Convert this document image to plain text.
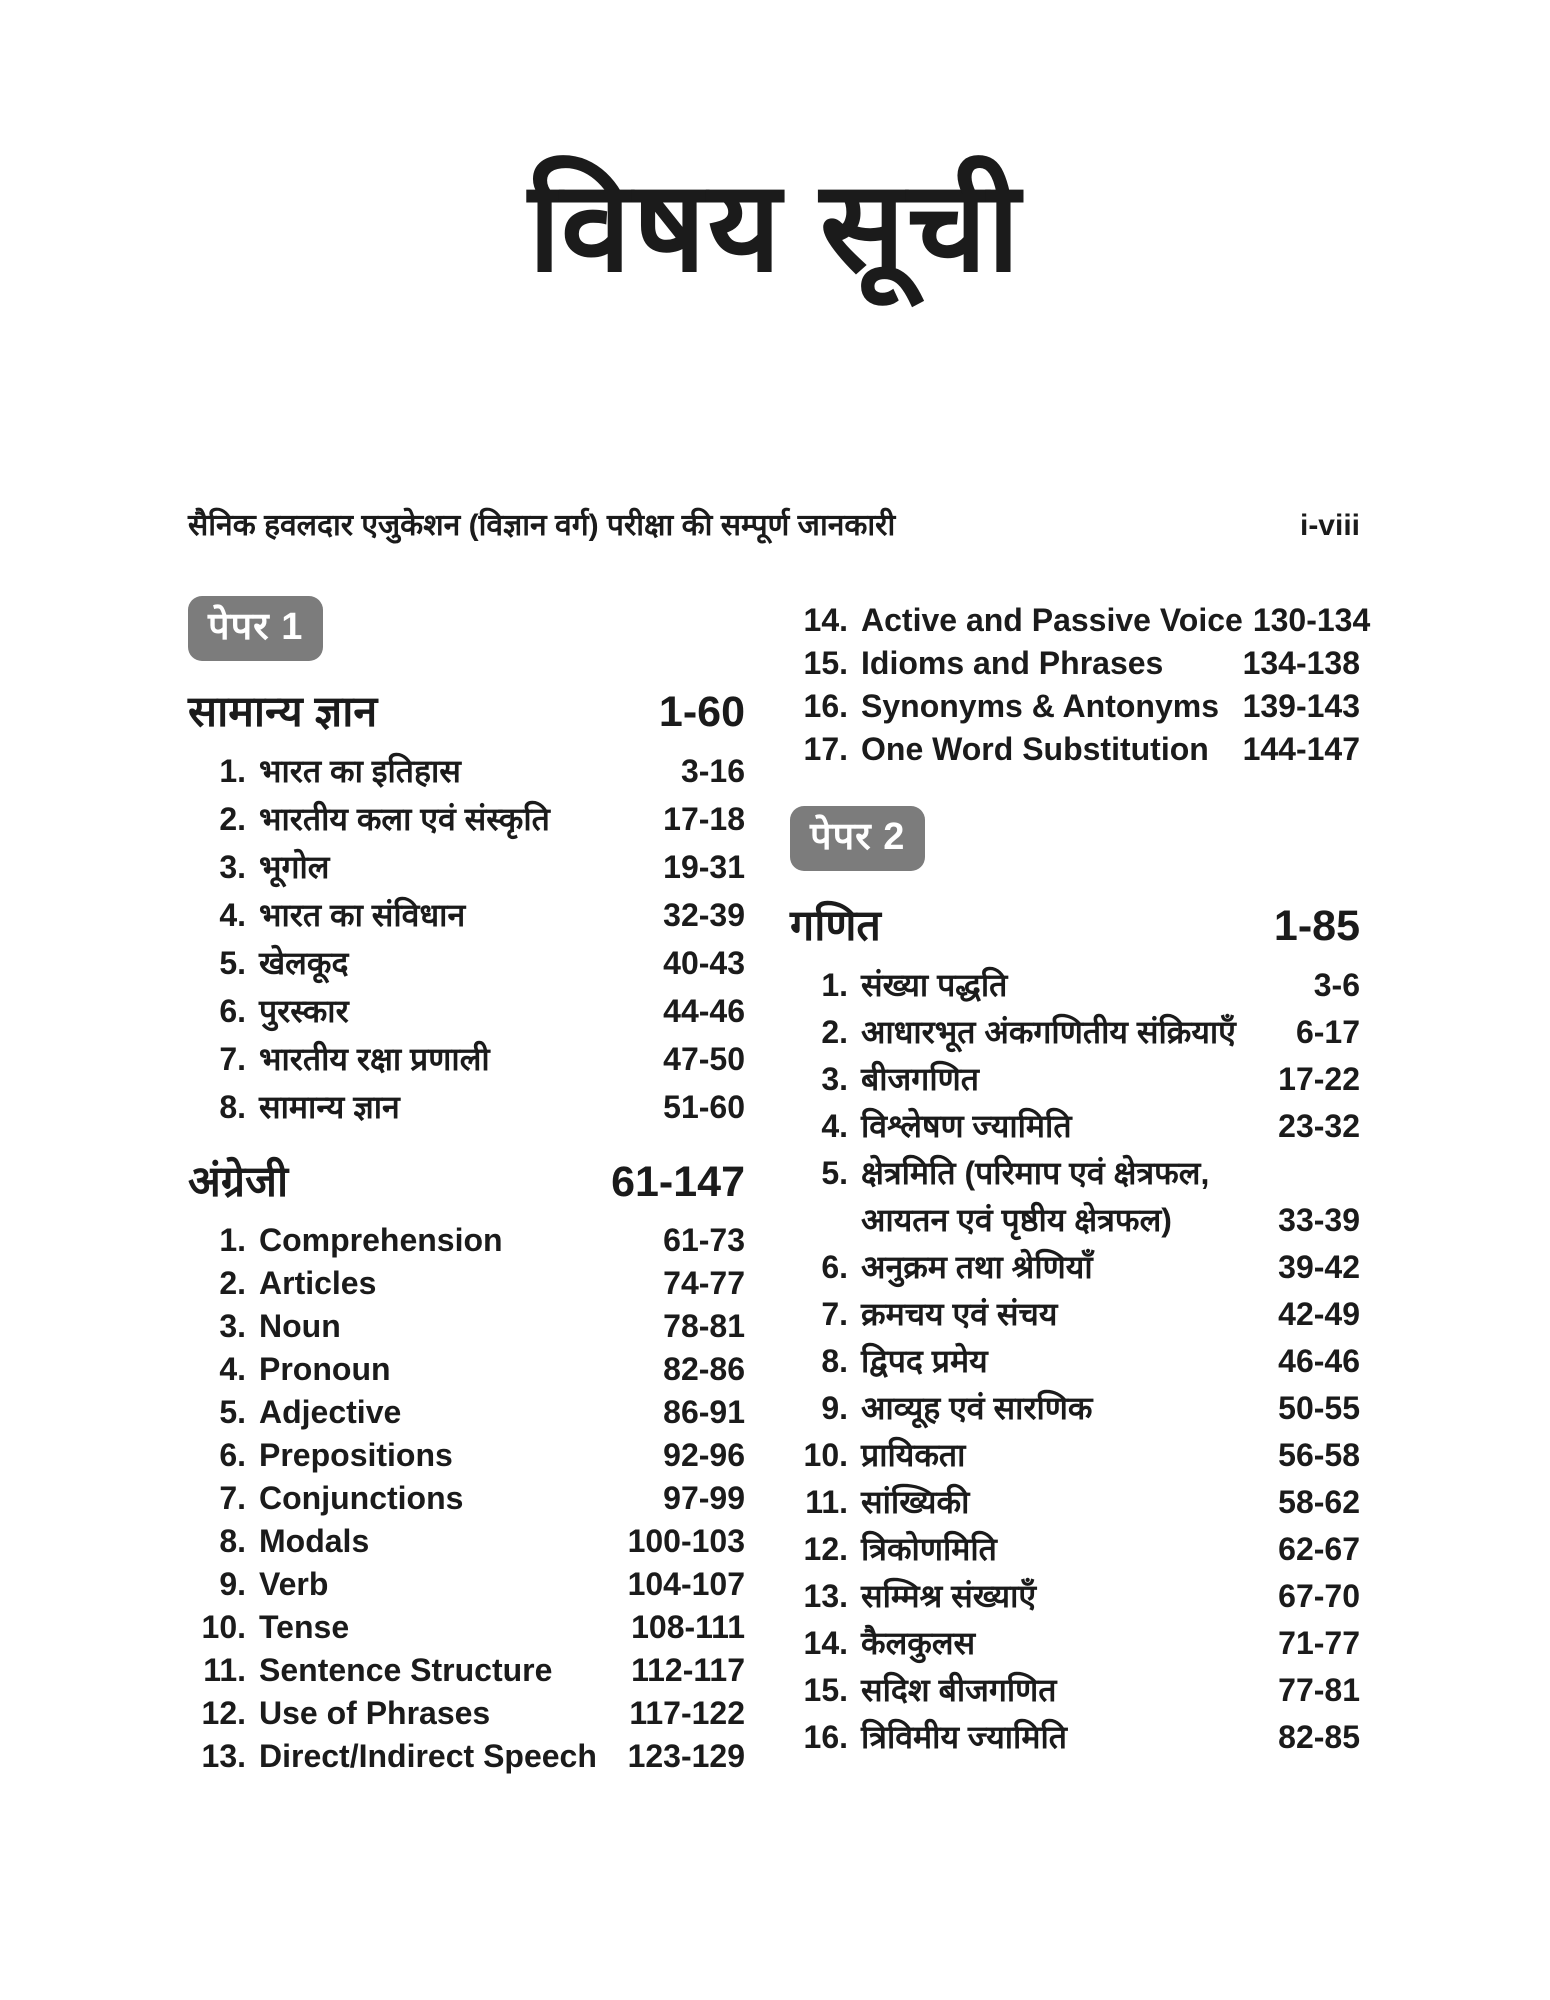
विषय सूची
सैनिक हवलदार एजुकेशन (विज्ञान वर्ग) परीक्षा की सम्पूर्ण जानकारी	i-viii
पेपर 1
सामान्य ज्ञान	1-60
1. भारत का इतिहास	3-16
2. भारतीय कला एवं संस्कृति	17-18
3. भूगोल	19-31
4. भारत का संविधान	32-39
5. खेलकूद	40-43
6. पुरस्कार	44-46
7. भारतीय रक्षा प्रणाली	47-50
8. सामान्य ज्ञान	51-60
अंग्रेजी	61-147
1. Comprehension	61-73
2. Articles	74-77
3. Noun	78-81
4. Pronoun	82-86
5. Adjective	86-91
6. Prepositions	92-96
7. Conjunctions	97-99
8. Modals	100-103
9. Verb	104-107
10. Tense	108-111
11. Sentence Structure	112-117
12. Use of Phrases	117-122
13. Direct/Indirect Speech 123-129
14. Active and Passive Voice 130-134
15. Idioms and Phrases	134-138
16. Synonyms & Antonyms 139-143
17. One Word Substitution	144-147
पेपर 2
गणित	1-85
1. संख्या पद्धति	3-6
2. आधारभूत अंकगणितीय संक्रियाएँ	6-17
3. बीजगणित	17-22
4. विश्लेषण ज्यामिति	23-32
5. क्षेत्रमिति (परिमाप एवं क्षेत्रफल,
आयतन एवं पृष्ठीय क्षेत्रफल)	33-39
6. अनुक्रम तथा श्रेणियाँ	39-42
7. क्रमचय एवं संचय	42-49
8. द्विपद प्रमेय	46-46
9. आव्यूह एवं सारणिक	50-55
10. प्रायिकता	56-58
11. सांख्यिकी	58-62
12. त्रिकोणमिति	62-67
13. सम्मिश्र संख्याएँ	67-70
14. कैलकुलस	71-77
15. सदिश बीजगणित	77-81
16. त्रिविमीय ज्यामिति	82-85
